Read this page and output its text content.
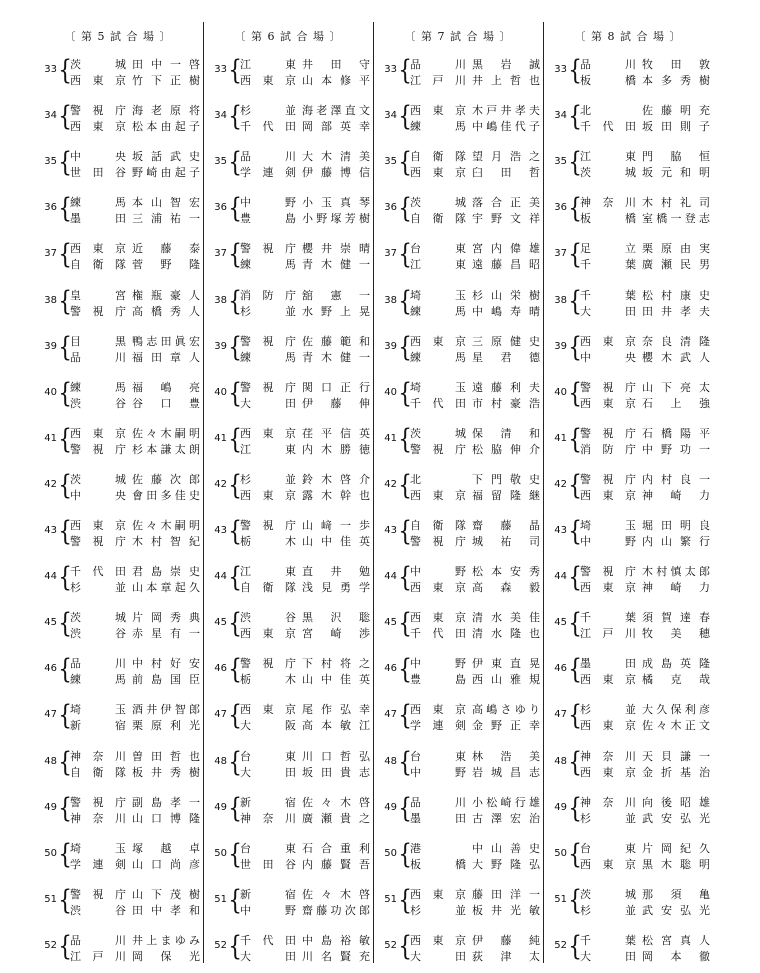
〔 第 5 試 合 場 〕
33 {
茨城 田中一啓
西東京 竹下正樹
34 {
警視庁 海老原将
西東京 松本由起子
35 {
中央 坂話武史
世田谷 野崎由起子
36 {
練馬 本山智宏
墨田 三浦祐一
37 {
西東京 近藤泰
自衛隊 菅野隆
38 {
皇宮 権瓶豪人
警視庁 高橋秀人
39 {
目黒 鴨志田眞宏
品川 福田章人
40 {
練馬 福嶋亮
渋谷 谷口豊
41 {
西東京 佐々木嗣明
警視庁 杉本謙太朗
42 {
茨城 佐藤次郎
中央 會田多佳史
43 {
西東京 佐々木嗣明
警視庁 木村智紀
44 {
千代田 君島崇史
杉並 山本章起久
45 {
茨城 片岡秀典
渋谷 赤星有一
46 {
品川 中村好安
練馬 前島国臣
47 {
埼玉 酒井伊智郎
新宿 栗原利光
48 {
神奈川 曽田哲也
自衛隊 板井秀樹
49 {
警視庁 副島孝一
神奈川 山口博隆
50 {
埼玉 塚越卓
学連剣 山口尚彦
51 {
警視庁 山下茂樹
渋谷 田中孝和
52 {
品川 井上まゆみ
江戸川 岡保光
〔 第 6 試 合 場 〕
33 {
江東 井田守
西東京 山本修平
34 {
杉並 海老澤直文
千代田 岡部英幸
35 {
品川 大木清美
学連剣 伊藤博信
36 {
中野 小玉真琴
豊島 小野塚芳樹
37 {
警視庁 櫻井崇晴
練馬 青木健一
38 {
消防庁 舘憲一
杉並 水野上晃
39 {
警視庁 佐藤範和
練馬 青木健一
40 {
警視庁 関口正行
大田 伊藤伸
41 {
西東京 荏平信英
江東 内木勝徳
42 {
杉並 鈴木啓介
西東京 露木幹也
43 {
警視庁 山﨑一歩
栃木 山中佳英
44 {
江東 直井勉
自衛隊 浅見勇学
45 {
渋谷 黒沢聡
西東京 宮崎渉
46 {
警視庁 下村将之
栃木 山中佳英
47 {
西東京 尾作弘幸
大阪 高本敏江
48 {
台東 川口哲弘
大田 坂田貴志
49 {
新宿 佐々木啓
神奈川 廣瀬貴之
50 {
台東 石合重利
世田谷 内藤賢吾
51 {
新宿 佐々木啓
中野 齋藤功次郎
52 {
千代田 中島裕敏
大田 川名賢充
〔 第 7 試 合 場 〕
33 {
品川 黒岩誠
江戸川 井上哲也
34 {
西東京 木戸井孝夫
練馬 中嶋佳代子
35 {
自衛隊 望月浩之
西東京 臼田哲
36 {
茨城 落合正美
自衛隊 宇野文祥
37 {
台東 宮内偉雄
江東 遠藤昌昭
38 {
埼玉 杉山栄樹
練馬 中嶋寿晴
39 {
西東京 三原健史
練馬 星君德
40 {
埼玉 遠藤利夫
千代田 市村豪浩
41 {
茨城 保清和
警視庁 松脇伸介
42 {
北	下門敬史
西東京 福留隆継
43 {
自衛隊 齋藤晶
警視庁 城祐司
44 {
中野 松本安秀
西東京 高森毅
45 {
西東京 清水美佳
千代田 清水隆也
46 {
中野 伊東直晃
豊島 西山雅規
47 {
西東京 高嶋さゆり
学連剣 金野正幸
48 {
台東 林浩美
中野 岩城昌志
49 {
品川 小松崎行雄
墨田 古澤宏治
50 {
港	中山善史
板橋 大野隆弘
51 {
西東京 藤田洋一
杉並 板井光敏
52 {
西東京 伊藤純
大田 荻津太
〔 第 8 試 合 場 〕
33 {
品川 牧田敦
板橋 本多秀樹
34 {
北	佐藤明充
千代田 坂田則子
35 {
江東 門脇恒
茨城 坂元和明
36 {
神奈川 木村礼司
板橋 室橋一登志
37 {
足立 栗原由実
千葉 廣瀬民男
38 {
千葉 松村康史
大田 田井孝夫
39 {
西東京 奈良清隆
中央 櫻木武人
40 {
警視庁 山下亮太
西東京 石上強
41 {
警視庁 石橋陽平
消防庁 中野功一
42 {
警視庁 内村良一
西東京 神崎力
43 {
埼玉 堀田明良
中野 内山繁行
44 {
警視庁 木村慎太郎
西東京 神崎力
45 {
千葉 須賀達春
江戸川 牧美穂
46 {
墨田 成島英隆
西東京 橘克哉
47 {
杉並 大久保利彦
西東京 佐々木正文
48 {
神奈川 天貝謙一
西東京 金折基治
49 {
神奈川 向後昭雄
杉並 武安弘光
50 {
台東 片岡紀久
西東京 黒木聡明
51 {
茨城 那須亀
杉並 武安弘光
52 {
千葉 松宮真人
大田 岡本徹
